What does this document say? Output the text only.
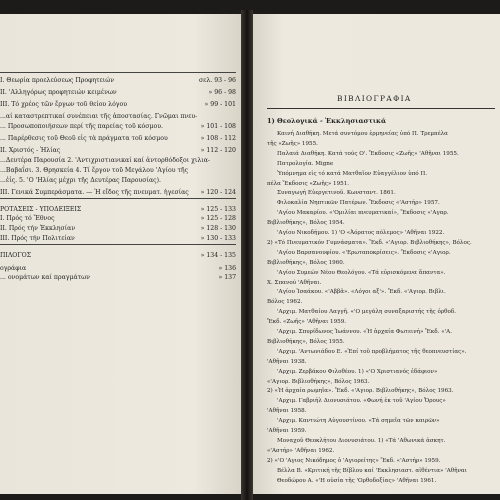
I. Θεωρία προελεύσεως Προφητειών	σελ. 93 - 96
II. 'Αλληγόρως προφητειών κειμένων	» 96 - 98
III. Τό χρέος τῶν ἔργων τοῦ θείου λόγου	» 99 - 101
...αί καταστρεπτικαί συνέπειαι τῆς ἀποστασίας. Γνῶμαι πνευ-
... Προσωποποιήσεων περί τῆς παρείας τοῦ κόσμου.	» 101 - 108
... Παρέρθεσις τοῦ Θεοῦ εἰς τὰ πράγματα τοῦ κόσμου	» 108 - 112
II. Χριστός - Ἡλίας	» 112 - 120
...Δευτέρα Παρουσία 2. 'Αντιχριστιανικαί καί ἀντορθόδοξοι χιλια-
...Βαβαΐσι. 3. Θρησκεία 4. Τί ἔργον τοῦ Μεγάλου 'Αγίου τῆς
...ἐἰς. 5. 'Ο 'Ηλίας μέχρι τῆς Δευτέρας Παρουσίας).
ΙΙΙ. Γενικά Συμπεράσματα. — Ἡ εἴδος τῆς πνευματ. ἡγεσίας » 120 - 124
ΡΟΤΑΣΕΙΣ - ΥΠΟΔΕΙΞΕΙΣ	» 125 - 133
Ι. Πρός τό Ἔθνος	» 125 - 128
ΙΙ. Πρός τήν Ἐκκλησίαν	» 128 - 130
ΙΙΙ. Πρός τήν Πολιτείαν	» 130 - 133
ΠΙΛΟΓΟΣ	» 134 - 135
ογράφια	» 136
... ονομάτων καί πραγμάτων	» 137
ΒΙΒΛΙΟΓΡΑΦΙΑ
1) Θεολογικά - Ἐκκλησιαστικά
Καινή Διαθήκη. Μετά συντόμου ἑρμηνείας ὑπό Π. Τρεμπέλα
τῆς «Ζωῆς» 1955.
Παλαιά Διαθήκη. Κατά τούς Ο'. Ἔκδοσις «Ζωῆς» 'Αθῆναι 1955.
Πατρολογία. Migne
Ὑπόμνημα εἰς τό κατά Ματθαῖον Εὐαγγέλιον ὑπό Π.
πέλα Ἔκδοσις «Ζωῆς» 1951.
Συναγωγή Εὐεργετινοῦ. Κωνσταντ. 1861.
Φιλοκαλία Νηπτικῶν Πατέρων. Ἔκδοσις «'Αστήρ» 1957.
'Αγίου Μακαρίου. «'Ομιλίαι πνευματικαί», Ἔκδοσις «'Αγαρ.
Βιβλιοθήκης», Βόλος 1954.
'Αγίου Νικοδήμου. 1) 'Ο «Ἀόρατος πόλεμος» 'Αθῆναι 1922.
2) «Τό Πνευματικόν Γυμνάσματα». Ἔκδ. «'Αγιορ. Βιβλιοθήκης», Βόλος.
'Αγίου Βαρσανουφίου. «'Ερωταποκρίσεις». Ἔκδοσις «'Αγιορ.
Βιβλιοθήκης», Βόλος 1960.
'Αγίου Συμεών Νέου Θεολόγου. «Τά εὑρισκόμενα ἅπαντα».
Χ. Σπανού 'Αθῆναι.
'Αγίου Ἰσαάκου. «'Αββᾶ». «Λόγοι αξ'». Ἔκδ. «'Αγιορ. Βιβλι.
Βόλος 1962.
'Αρχιμ. Ματθαίου Λαγγῆ. «'Ο μεγάλη συναξαριστής τῆς ὀρθοδ.
Ἔκδ. «Ζωῆς» 'Αθῆναι 1959.
'Αρχιμ. Σπυρίδωνος Ἰωάννου. «Ἡ ἀρχαία Φωτεινή» Ἔκδ. «'Α.
Βιβλιοθήκης», Βόλος 1955.
'Αρχιμ. 'Αντωνιάδου Ε. «Ἐπί τοῦ προβλήματος τῆς θεοπνευστίας».
'Αθῆναι 1938.
'Αρχιμ. Ζερβάκου Φιλοθέου. 1) «'Ο Χριστιανός ἐδάφιον»
«'Αγιορ. Βιβλιοθήκης», Βόλος 1963.
2) «Ἡ ἀρχαία ρωμηῖα». Ἔκδ. «'Αγιορ. Βιβλιοθήκης», Βόλος 1963.
'Αρχιμ. Γαβριήλ Διονυσιάτου. «Φωνή ἐκ τοῦ 'Αγίου Ὄρους»
'Αθῆναι 1958.
'Αρχιμ. Καντιώτη Αὐγουστίνου. «Τά σημεῖα τῶν καιρῶν»
'Αθῆναι 1959.
Μοναχοῦ Θεοκλήτου Διονυσιάτου. 1) «Τά 'Αθωνικά ἀσκητ.
«'Αστήρ» 'Αθῆναι 1962.
2) «'Ο 'Αγιος Νικόδημος ὁ 'Αγιορείτης» Ἔκδ. «'Αστήρ» 1959.
Βέλλα Β. «Κριτική τῆς Βίβλου καί 'Εκκλησιαστ. αἰθέντια» 'Αθῆναι
Θεοδώρου Α. «'Η οὐσία τῆς 'Ορθοδοξίας» 'Αθῆναι 1961.
